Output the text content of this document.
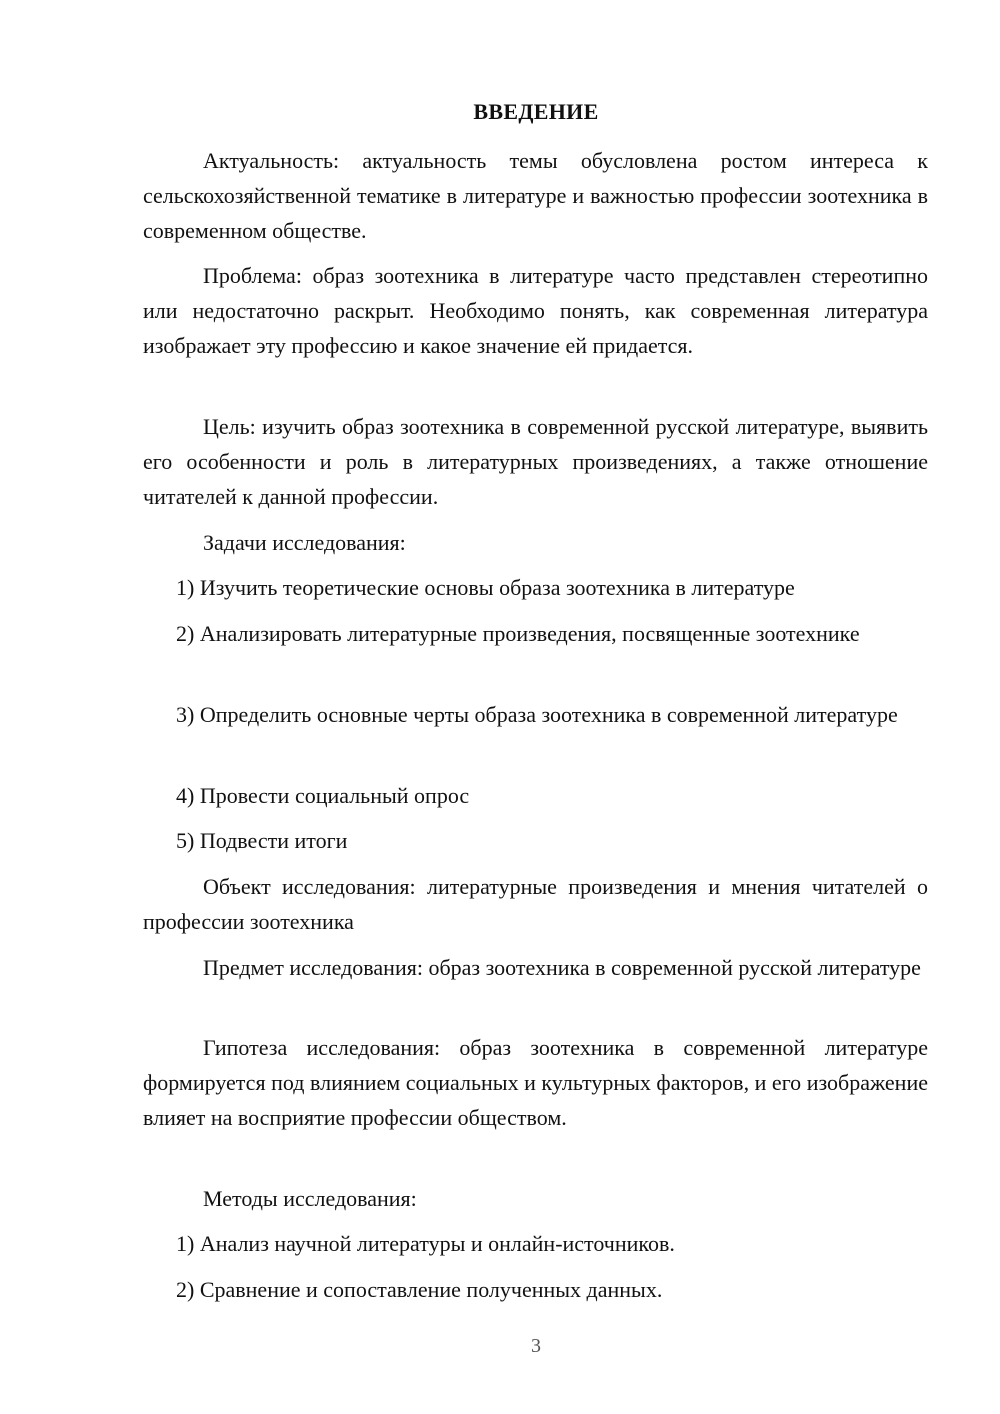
ВВЕДЕНИЕ

Актуальность: актуальность темы обусловлена ростом интереса к сельскохозяйственной тематике в литературе и важностью профессии зоотехника в современном обществе.

Проблема: образ зоотехника в литературе часто представлен стереотипно или недостаточно раскрыт. Необходимо понять, как современная литература изображает эту профессию и какое значение ей придается.

Цель: изучить образ зоотехника в современной русской литературе, выявить его особенности и роль в литературных произведениях, а также отношение читателей к данной профессии.

Задачи исследования:

1) Изучить теоретические основы образа зоотехника в литературе

2) Анализировать литературные произведения, посвященные зоотехнике

3) Определить основные черты образа зоотехника в современной литературе

4) Провести социальный опрос

5) Подвести итоги

Объект исследования: литературные произведения и мнения читателей о профессии зоотехника

Предмет исследования: образ зоотехника в современной русской литературе

Гипотеза исследования: образ зоотехника в современной литературе формируется под влиянием социальных и культурных факторов, и его изображение влияет на восприятие профессии обществом.

Методы исследования:

1) Анализ научной литературы и онлайн-источников.

2) Сравнение и сопоставление полученных данных.

3
